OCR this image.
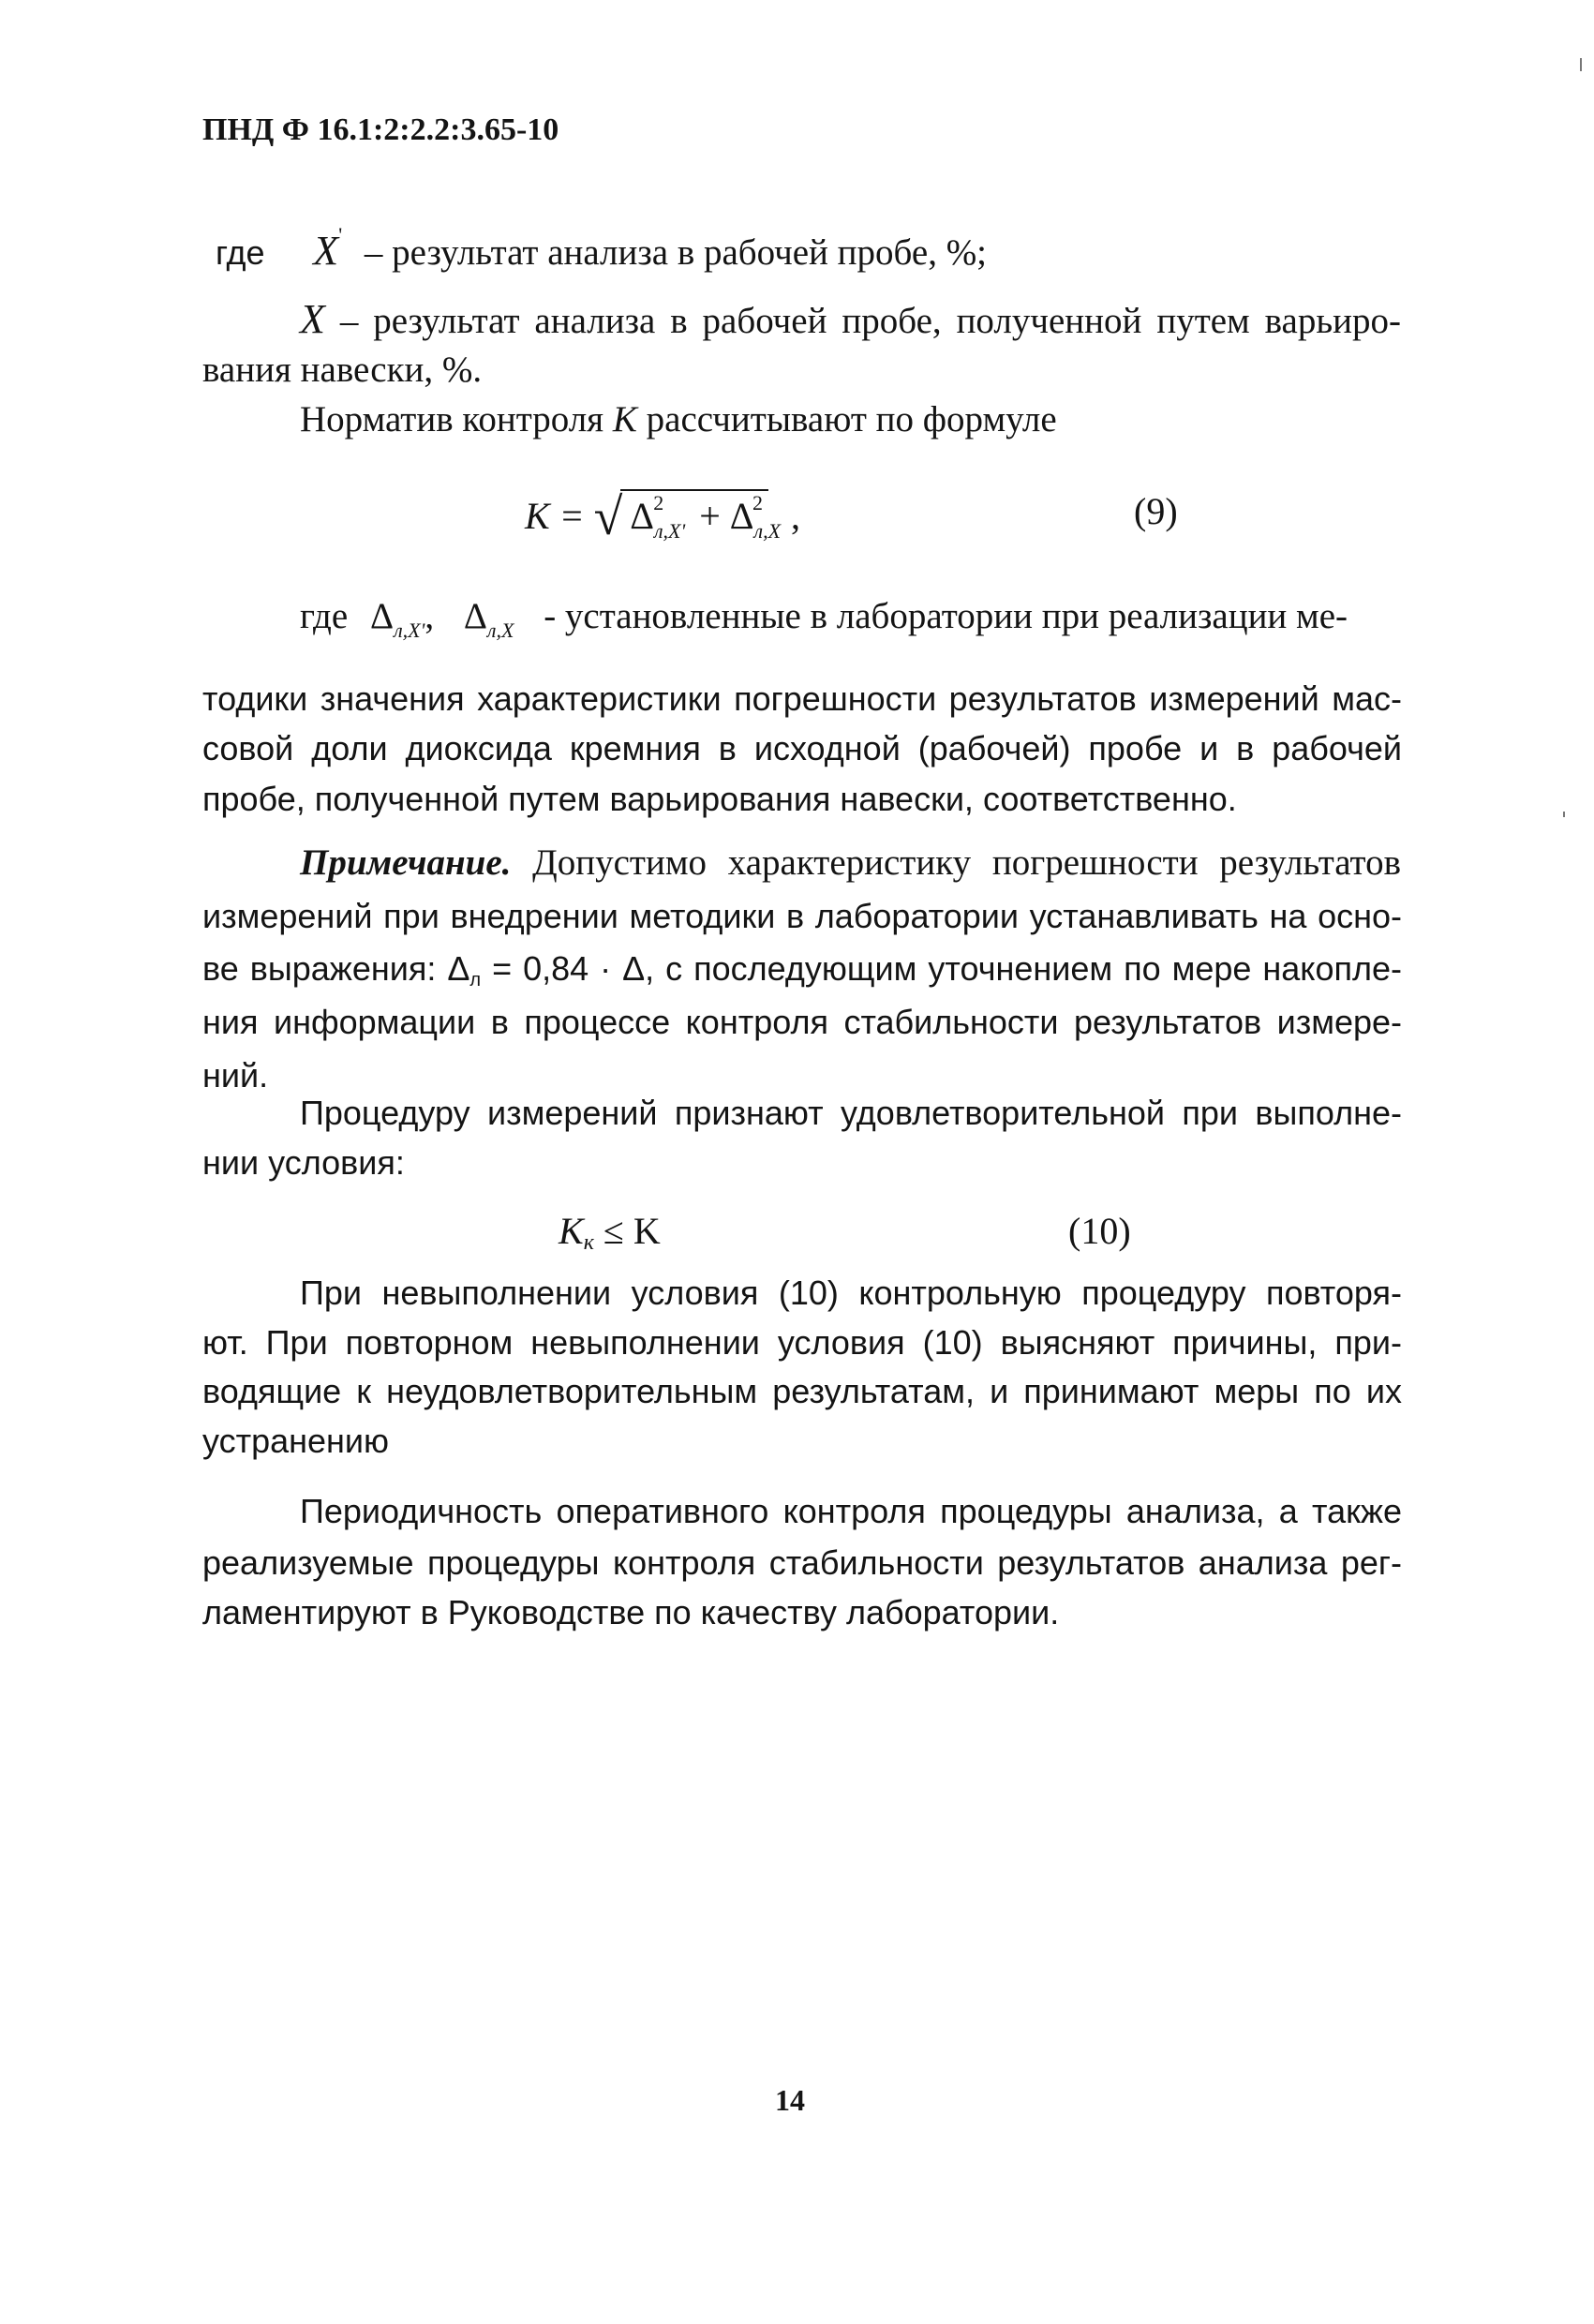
ПНД Ф 16.1:2:2.2:3.65-10
где X' – результат анализа в рабочей пробе, %;
X – результат анализа в рабочей пробе, полученной путем варьиро-
вания навески, %.
Норматив контроля K рассчитывают по формуле
K = √ $\Delta_{л,X'}^2 + \Delta_{л,X}^2$ ,	(9)
где $\Delta_{л,X'}$, $\Delta_{л,X}$ - установленные в лаборатории при реализации ме-
тодики значения характеристики погрешности результатов измерений мас-
совой доли диоксида кремния в исходной (рабочей) пробе и в рабочей
пробе, полученной путем варьирования навески, соответственно.
Примечание. Допустимо характеристику погрешности результатов
измерений при внедрении методики в лаборатории устанавливать на осно-
ве выражения: $\Delta_л = 0,84 \cdot \Delta$, с последующим уточнением по мере накопле-
ния информации в процессе контроля стабильности результатов измере-
ний.
Процедуру измерений признают удовлетворительной при выполне-
нии условия:
$K_к \le K$	(10)
При невыполнении условия (10) контрольную процедуру повторя-
ют. При повторном невыполнении условия (10) выясняют причины, при-
водящие к неудовлетворительным результатам, и принимают меры по их
устранению
Периодичность оперативного контроля процедуры анализа, а также
реализуемые процедуры контроля стабильности результатов анализа рег-
ламентируют в Руководстве по качеству лаборатории.
14
